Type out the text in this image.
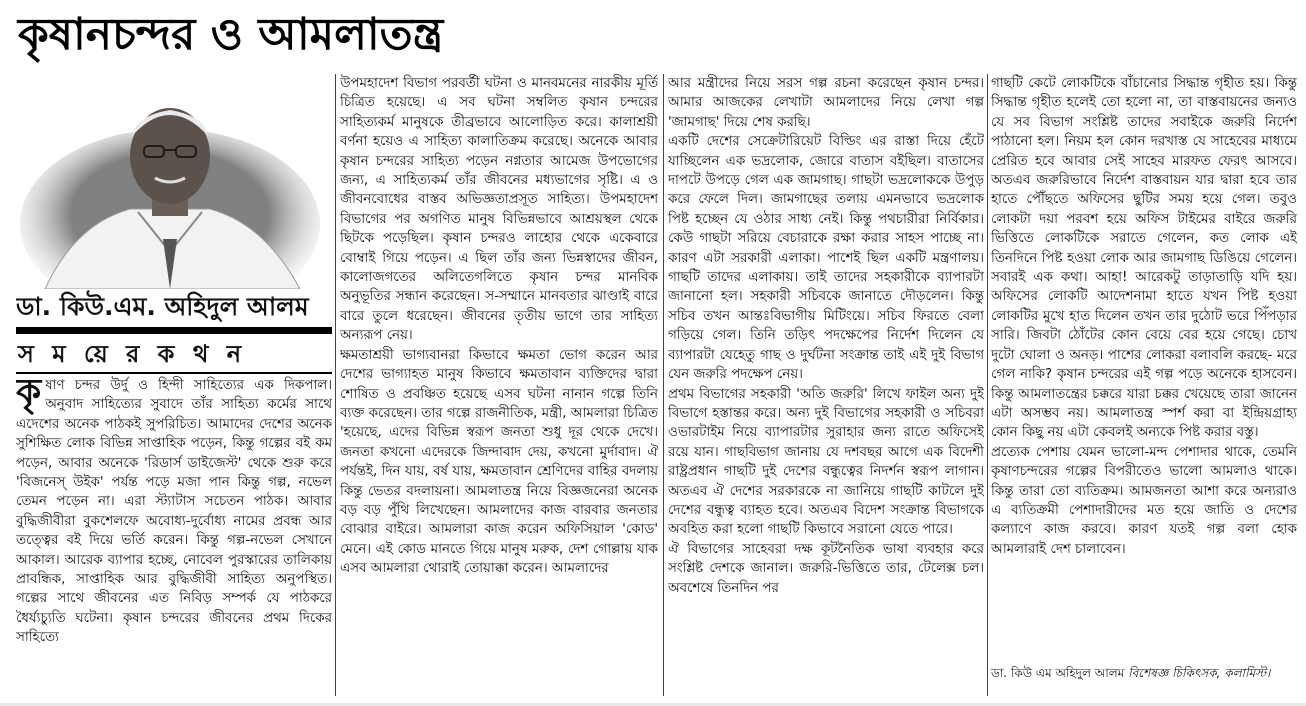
কৃষানচন্দর ও আমলাতন্ত্র
ডা. কিউ.এম. অহিদুল আলম
স ম য়ে র ক থ ন

কৃষাণ চন্দর উর্দু ও হিন্দী সাহিত্যের এক দিকপাল। অনুবাদ সাহিত্যের সুবাদে তাঁর সাহিত্য কর্মের সাথে এদেশের অনেক পাঠকই সুপরিচিত। আমাদের দেশের অনেক সুশিক্ষিত লোক বিভিন্ন সাপ্তাহিক পড়েন, কিন্তু গল্পের বই কম পড়েন, আবার অনেকে 'রিডার্স ডাইজেস্ট' থেকে শুরু করে 'বিজনেস্ উইক' পর্যন্ত পড়ে মজা পান কিন্তু গল্প, নভেল তেমন পড়েন না। এরা স্ট্যাটাস সচেতন পাঠক। আবার বুদ্ধিজীবীরা বুকশেলফে অবোধ্য-দুর্বোধ্য নামের প্রবন্ধ আর তত্ত্বের বই দিয়ে ভর্তি করেন। কিন্তু গল্প-নভেল সেখানে আকাল। আরেক ব্যাপার হচ্ছে, নোবেল পুরস্কারের তালিকায় প্রাবন্ধিক, সাপ্তাহিক আর বুদ্ধিজীবী সাহিত্য অনুপস্থিত। গল্পের সাথে জীবনের এত নিবিড় সম্পর্ক যে পাঠকরে ধৈর্য্যচ্যুতি ঘটেনা। কৃষান চন্দরের জীবনের প্রথম দিকের সাহিত্যে

উপমহাদেশ বিভাগ পরবর্তী ঘটনা ও মানবমনের নারকীয় মূর্তি চিত্রিত হয়েছে। এ সব ঘটনা সম্বলিত কৃষান চন্দরের সাহিত্যকর্ম মানুষকে তীব্রভাবে আলোড়িত করে। কালাশ্রয়ী বর্ণনা হয়েও এ সাহিত্য কালাতিক্রম করেছে। অনেকে আবার কৃষান চন্দরের সাহিত্য পড়েন নগ্নতার আমেজ উপভোগের জন্য, এ সাহিত্যকর্ম তাঁর জীবনের মধ্যভাগের সৃষ্টি। এ ও জীবনবোধের বাস্তব অভিজ্ঞতাপ্রসূত সাহিত্য। উপমহাদেশ বিভাগের পর অগণিত মানুষ বিভিন্নভাবে আশ্রয়স্থল থেকে ছিটকে পড়েছিল। কৃষান চন্দরও লাহোর থেকে একেবারে বোম্বাই গিয়ে পড়েন। এ ছিল তাঁর জন্য ভিন্নস্বাদের জীবন, কালোজগতের অলিতেগলিতে কৃষান চন্দর মানবিক অনুভূতির সন্ধান করেছেন। স-সম্মানে মানবতার ঝাণ্ডাই বারে বারে তুলে ধরেছেন। জীবনের তৃতীয় ভাগে তার সাহিত্য অন্যরূপ নেয়।

ক্ষমতাশ্রয়ী ভাগ্যবানরা কিভাবে ক্ষমতা ভোগ করেন আর দেশের ভাগ্যাহত মানুষ কিভাবে ক্ষমতাবান ব্যক্তিদের দ্বারা শোষিত ও প্রবঞ্চিত হয়েছে এসব ঘটনা নানান গল্পে তিনি ব্যক্ত করেছেন। তার গল্পে রাজনীতিক, মন্ত্রী, আমলারা চিত্রিত 'হয়েছে, এদের বিভিন্ন স্বরূপ জনতা শুধু দূর থেকে দেখে। জনতা কখনো এদেরকে জিন্দাবাদ দেয়, কখনো মুর্দাবাদ। ঐ পর্যন্তই, দিন যায়, বর্ষ যায়, ক্ষমতাবান শ্রেণিদের বাহির বদলায় কিন্তু ভেতর বদলায়না। আমলাতন্ত্র নিয়ে বিজ্ঞজনেরা অনেক বড় বড় পুঁথি লিখেছেন। আমলাদের কাজ বারবার জনতার বোঝার বাইরে। আমলারা কাজ করেন অফিসিয়াল 'কোড' মেনে। এই কোড মানতে গিয়ে মানুষ মরুক, দেশ গোল্লায় যাক এসব আমলারা থোরাই তোয়াক্কা করেন। আমলাদের

আর মন্ত্রীদের নিয়ে সরস গল্প রচনা করেছেন কৃষান চন্দর। আমার আজকের লেখাটা আমলাদের নিয়ে লেখা গল্প 'জামগাছ' দিয়ে শেষ করছি।

একটি দেশের সেক্রেটারিয়েট বিল্ডিং এর রাস্তা দিয়ে হেঁটে যাচ্ছিলেন এক ভদ্রলোক, জোরে বাতাস বইছিল। বাতাসের দাপটে উপড়ে গেল এক জামগাছ। গাছটা ভদ্রলোককে উপুড় করে ফেলে দিল। জামগাছের তলায় এমনভাবে ভদ্রলোক পিষ্ট হচ্ছেন যে ওঠার সাধ্য নেই। কিন্তু পথচারীরা নির্বিকার। কেউ গাছটা সরিয়ে বেচারাকে রক্ষা করার সাহস পাচ্ছে না। কারণ এটা সরকারী এলাকা। পাশেই ছিল একটি মন্ত্রণালয়। গাছটি তাদের এলাকায়। তাই তাদের সহকারীকে ব্যাপারটা জানানো হল। সহকারী সচিবকে জানাতে দৌড়লেন। কিন্তু সচিব তখন আন্তঃবিভাগীয় মিটিংয়ে। সচিব ফিরতে বেলা গড়িয়ে গেল। তিনি তড়িৎ পদক্ষেপের নির্দেশ দিলেন যে ব্যাপারটা যেহেতু গাছ ও দুর্ঘটনা সংক্রান্ত তাই এই দুই বিভাগ যেন জরুরি পদক্ষেপ নেয়।

প্রথম বিভাগের সহকারী 'অতি জরুরি' লিখে ফাইল অন্য দুই বিভাগে হস্তান্তর করে। অন্য দুই বিভাগের সহকারী ও সচিবরা ওভারটাইম নিয়ে ব্যাপারটার সুরাহার জন্য রাতে অফিসেই রয়ে যান। গাছবিভাগ জানায় যে দশবছর আগে এক বিদেশী রাষ্ট্রপ্রধান গাছটি দুই দেশের বন্ধুত্বের নিদর্শন স্বরূপ লাগান। অতএব ঐ দেশের সরকারকে না জানিয়ে গাছটি কাটলে দুই দেশের বন্ধুত্ব ব্যাহত হবে। অতএব বিদেশ সংক্রান্ত বিভাগকে অবহিত করা হলো গাছটি কিভাবে সরানো যেতে পারে।

ঐ বিভাগের সাহেবরা দক্ষ কূটনৈতিক ভাষা ব্যবহার করে সংশ্লিষ্ট দেশকে জানাল। জরুরি-ভিত্তিতে তার, টেলেক্স চল। অবশেষে তিনদিন পর

গাছটি কেটে লোকটিকে বাঁচানোর সিদ্ধান্ত গৃহীত হয়। কিন্তু সিদ্ধান্ত গৃহীত হলেই তো হলো না, তা বাস্তবায়নের জন্যও যে সব বিভাগ সংশ্লিষ্ট তাদের সবাইকে জরুরি নির্দেশ পাঠানো হল। নিয়ম হল কোন দরখাস্ত যে সাহেবের মাধ্যমে প্রেরিত হবে আবার সেই সাহেব মারফত ফেরৎ আসবে। অতএব জরুরিভাবে নির্দেশ বাস্তবায়ন যার দ্বারা হবে তার হাতে পৌঁছতে অফিসের ছুটির সময় হয়ে গেল। তবুও লোকটা দয়া পরবশ হয়ে অফিস টাইমের বাইরে জরুরি ভিত্তিতে লোকটিকে সরাতে গেলেন, কত লোক এই তিনদিনে পিষ্ট হওয়া লোক আর জামগাছ ডিঙিয়ে গেলেন। সবারই এক কথা। আহা! আরেকটু তাড়াতাড়ি যদি হয়। অফিসের লোকটি আদেশনামা হাতে যখন পিষ্ট হওয়া লোকটির মুখে হাত দিলেন তখন তার দুঠোট ভরে পিঁপড়ার সারি। জিবটা ঠোঁটের কোন বেয়ে বের হয়ে গেছে। চোখ দুটো ঘোলা ও অনড়। পাশের লোকরা বলাবলি করছে- মরে গেল নাকি? কৃষান চন্দরের এই গল্প পড়ে অনেকে হাসবেন। কিন্তু আমলাতন্ত্রের চক্করে যারা চক্কর খেয়েছে তারা জানেন এটা অসম্ভব নয়। আমলাতন্ত্র স্পর্শ করা বা ইন্দ্রিয়গ্রাহ্য কোন কিছু নয় এটা কেবলই অন্যকে পিষ্ট করার বস্তু।

প্রত্যেক পেশায় যেমন ভালো-মন্দ পেশাদার থাকে, তেমনি কৃষাণচন্দরের গল্পের বিপরীতেও ভালো আমলাও থাকে। কিন্তু তারা তো ব্যতিক্রম। আমজনতা আশা করে অন্যরাও এ ব্যতিক্রমী পেশাদারীদের মত হয়ে জাতি ও দেশের কল্যাণে কাজ করবে। কারণ যতই গল্প বলা হোক আমলারাই দেশ চালাবেন।

ডা. কিউ এম অহিদুল আলম বিশেষজ্ঞ চিকিৎসক, কলামিস্ট।
